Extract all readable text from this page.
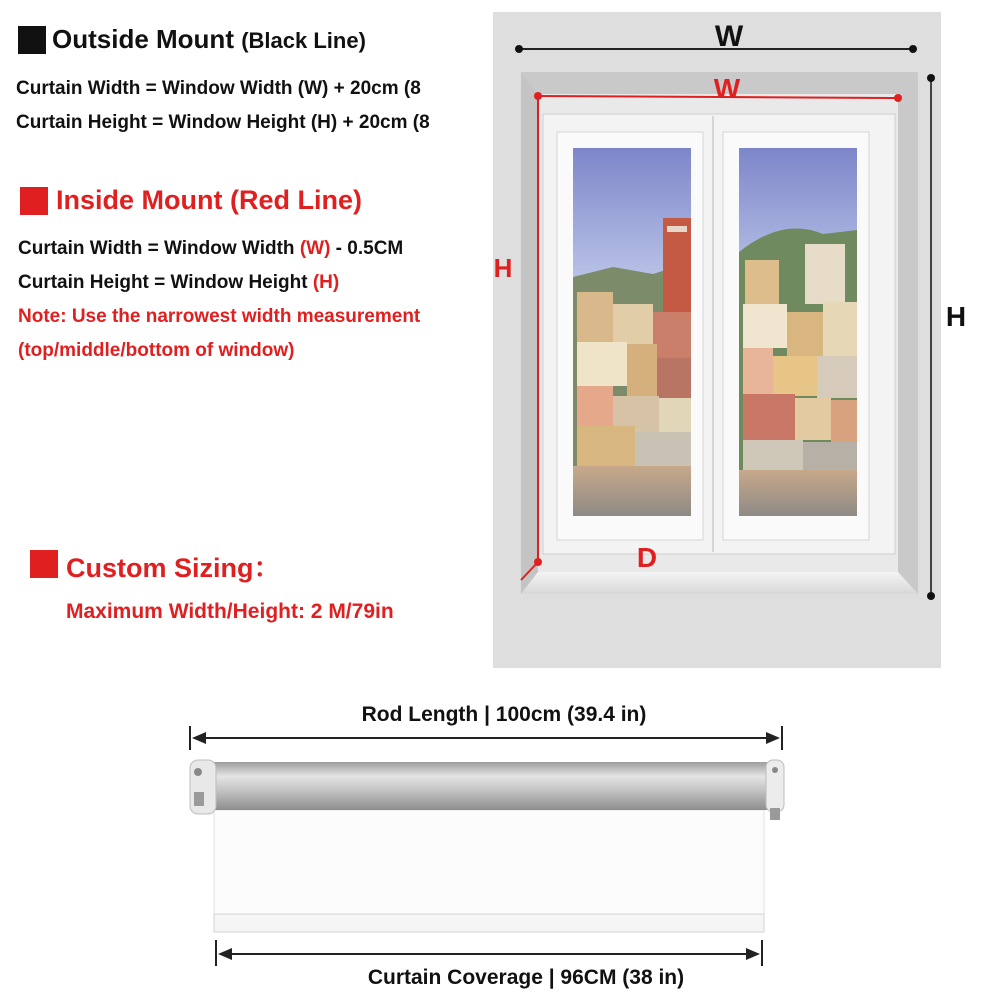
Outside Mount (Black Line)
Curtain Width = Window Width (W) + 20cm (8
Curtain Height = Window Height (H) + 20cm (8
Inside Mount (Red Line)
Curtain Width = Window Width (W) - 0.5CM
Curtain Height = Window Height (H)
Note: Use the narrowest width measurement
(top/middle/bottom of window)
Custom Sizing：
Maximum Width/Height: 2 M/79in
W
W
H
H
D
Rod Length | 100cm (39.4 in)
Curtain Coverage | 96CM (38 in)
